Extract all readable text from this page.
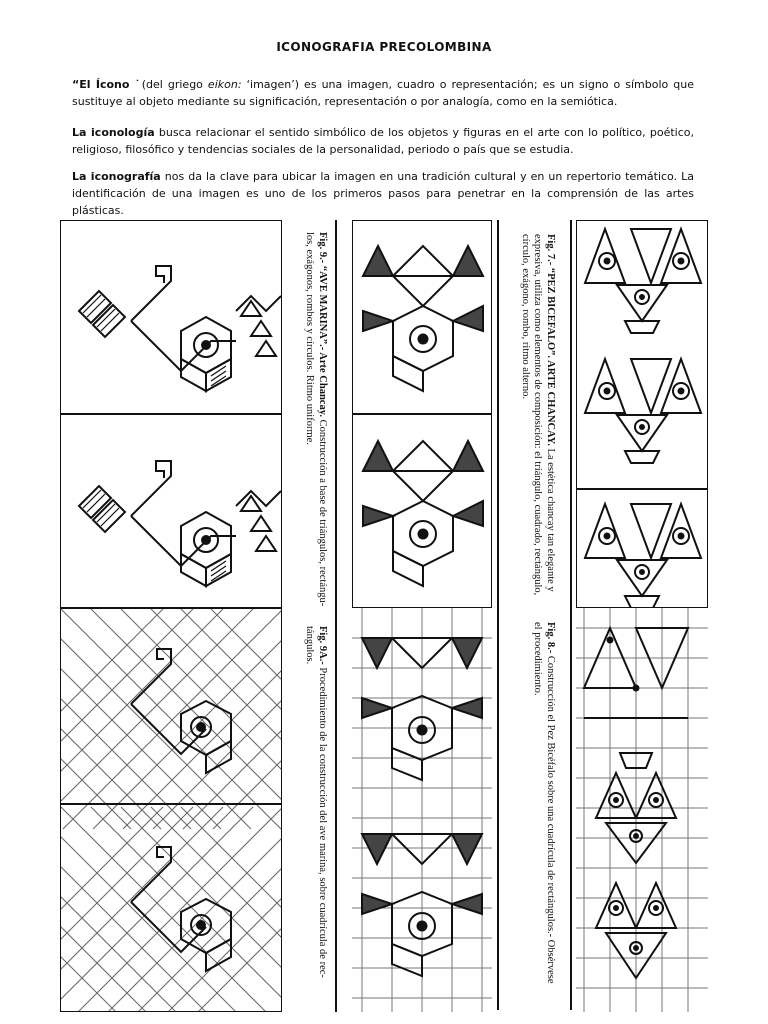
ICONOGRAFIA PRECOLOMBINA
“El Ícono ˙(del griego eikon: ‘imagen’) es una imagen, cuadro o representación; es un signo o símbolo que sustituye al objeto mediante su significación, representación o por analogía, como en la semiótica.
La iconología busca relacionar el sentido simbólico de los objetos y figuras en el arte con lo político, poético, religioso, filosófico y tendencias sociales de la personalidad, periodo o país que se estudia.
La iconografía nos da la clave para ubicar la imagen en una tradición cultural y en un repertorio temático. La identificación de una imagen es uno de los primeros pasos para penetrar en la comprensión de las artes plásticas.
Fig. 9.- “AVE MARINA”.- Arte Chancay. Construcción a base de triángulos, rectángu-
los, exágonos, rombos y círculos. Ritmo uniforme.	Fig. 7.- “PEZ BICEFALO”. ARTE CHANCAY. La estética chancay tan elegante y
expresiva, utiliza como elementos de composición: el triángulo, cuadrado, rectángulo,
círculo, exágono, rombo, ritmo alterno.
Fig. 9A.- Procedimiento de la construcción del ave marina, sobre cuadrícula de rec-
tángulos.	Fig. 8.- Construcción el Pez Bicéfalo sobre una cuadrícula de rectángulos.- Obsérvese
el procedimiento.
